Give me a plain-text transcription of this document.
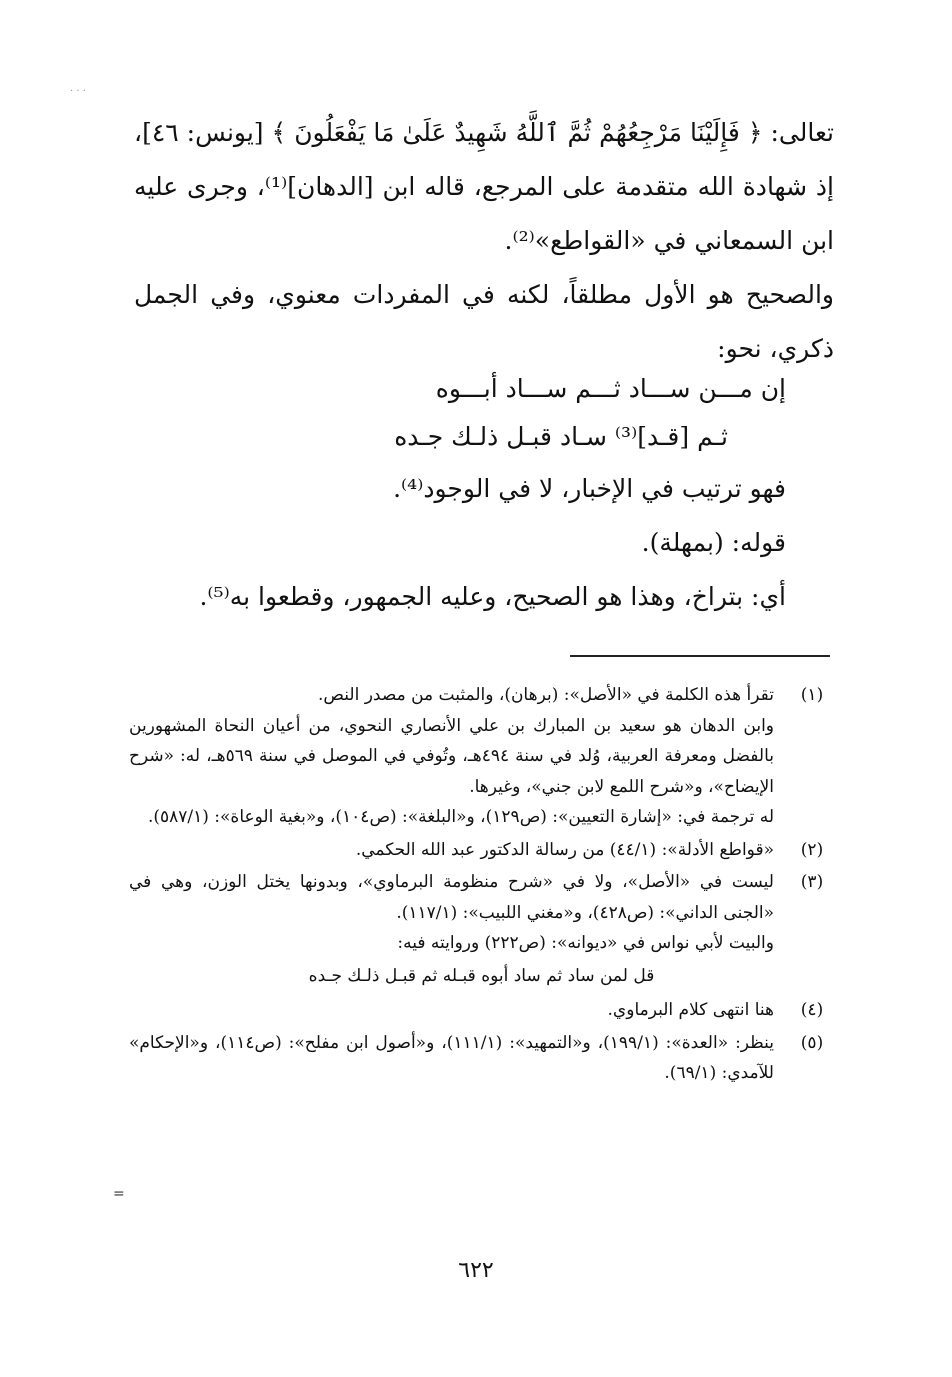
· · ·

تعالى: ﴿ فَإِلَيْنَا مَرْجِعُهُمْ ثُمَّ ٱللَّهُ شَهِيدٌ عَلَىٰ مَا يَفْعَلُونَ ﴾ [يونس: ٤٦]، إذ شهادة الله متقدمة على المرجع، قاله ابن [الدهان]⁽¹⁾، وجرى عليه ابن السمعاني في «القواطع»⁽²⁾.

والصحيح هو الأول مطلقاً، لكنه في المفردات معنوي، وفي الجمل ذكري، نحو:

إن مـــن ســـاد ثـــم ســـاد أبـــوه
ثـم [قـد]⁽³⁾ سـاد قبـل ذلـك جـده

فهو ترتيب في الإخبار، لا في الوجود⁽⁴⁾.

قوله: (بمهلة).

أي: بتراخ، وهذا هو الصحيح، وعليه الجمهور، وقطعوا به⁽⁵⁾.

(١)

تقرأ هذه الكلمة في «الأصل»: (برهان)، والمثبت من مصدر النص.

وابن الدهان هو سعيد بن المبارك بن علي الأنصاري النحوي، من أعيان النحاة المشهورين بالفضل ومعرفة العربية، وُلد في سنة ٤٩٤هـ، وتُوفي في الموصل في سنة ٥٦٩هـ، له: «شرح الإيضاح»، و«شرح اللمع لابن جني»، وغيرها.

له ترجمة في: «إشارة التعيين»: (ص١٢٩)، و«البلغة»: (ص١٠٤)، و«بغية الوعاة»: (٥٨٧/١).

(٢)

«قواطع الأدلة»: (٤٤/١) من رسالة الدكتور عبد الله الحكمي.

(٣)

ليست في «الأصل»، ولا في «شرح منظومة البرماوي»، وبدونها يختل الوزن، وهي في «الجنى الداني»: (ص٤٢٨)، و«مغني اللبيب»: (١١٧/١).

والبيت لأبي نواس في «ديوانه»: (ص٢٢٢) وروايته فيه:

قل لمن ساد ثم ساد أبوه قبـله ثم قبـل ذلـك جـده

(٤)

هنا انتهى كلام البرماوي.

(٥)

ينظر: «العدة»: (١٩٩/١)، و«التمهيد»: (١١١/١)، و«أصول ابن مفلح»: (ص١١٤)، و«الإحكام» للآمدي: (٦٩/١).

=
٦٢٢
